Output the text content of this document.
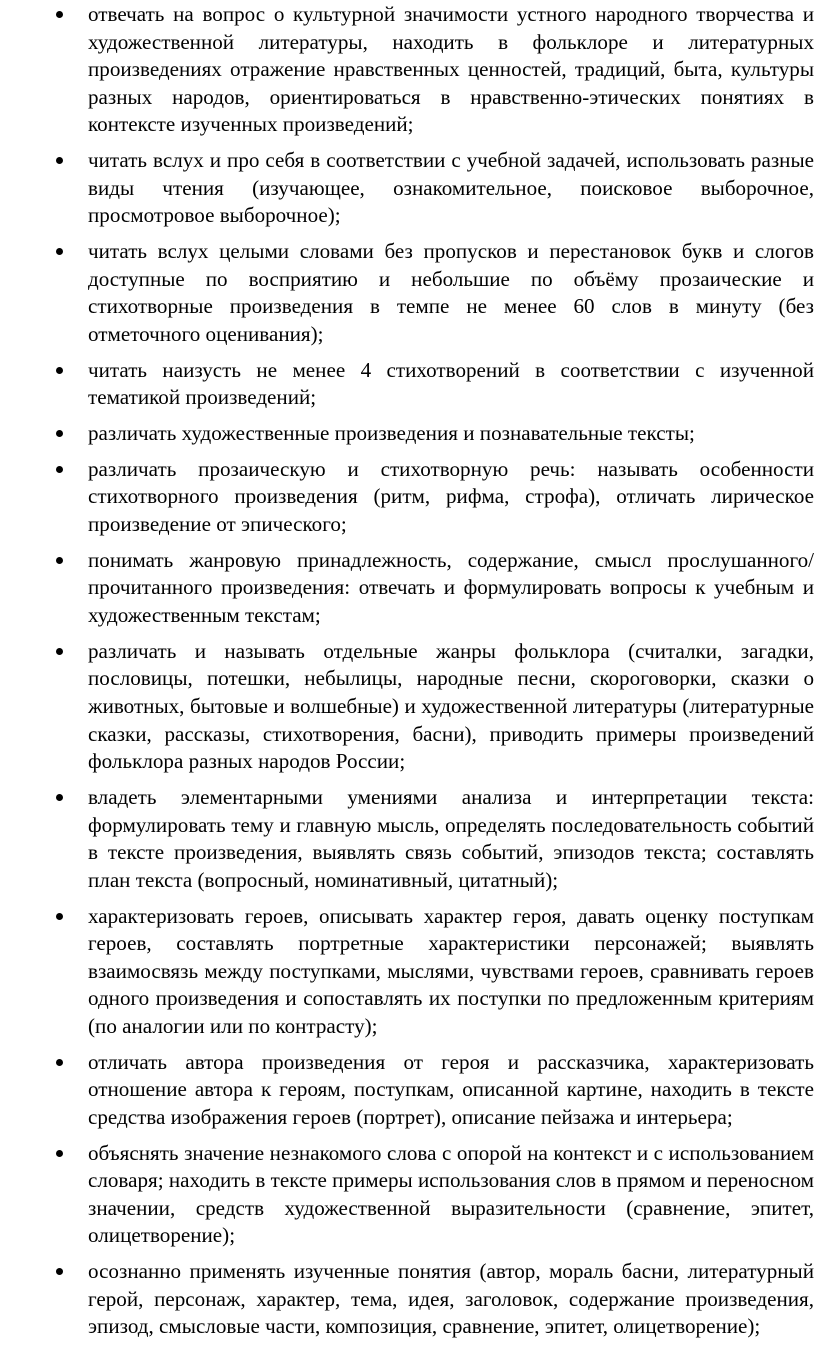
отвечать на вопрос о культурной значимости устного народного творчества и художественной литературы, находить в фольклоре и литературных произведениях отражение нравственных ценностей, традиций, быта, культуры разных народов, ориентироваться в нравственно-этических понятиях в контексте изученных произведений;
читать вслух и про себя в соответствии с учебной задачей, использовать разные виды чтения (изучающее, ознакомительное, поисковое выборочное, просмотровое выборочное);
читать вслух целыми словами без пропусков и перестановок букв и слогов доступные по восприятию и небольшие по объёму прозаические и стихотворные произведения в темпе не менее 60 слов в минуту (без отметочного оценивания);
читать наизусть не менее 4 стихотворений в соответствии с изученной тематикой произведений;
различать художественные произведения и познавательные тексты;
различать прозаическую и стихотворную речь: называть особенности стихотворного произведения (ритм, рифма, строфа), отличать лирическое произведение от эпического;
понимать жанровую принадлежность, содержание, смысл прослушанного/прочитанного произведения: отвечать и формулировать вопросы к учебным и художественным текстам;
различать и называть отдельные жанры фольклора (считалки, загадки, пословицы, потешки, небылицы, народные песни, скороговорки, сказки о животных, бытовые и волшебные) и художественной литературы (литературные сказки, рассказы, стихотворения, басни), приводить примеры произведений фольклора разных народов России;
владеть элементарными умениями анализа и интерпретации текста: формулировать тему и главную мысль, определять последовательность событий в тексте произведения, выявлять связь событий, эпизодов текста; составлять план текста (вопросный, номинативный, цитатный);
характеризовать героев, описывать характер героя, давать оценку поступкам героев, составлять портретные характеристики персонажей; выявлять взаимосвязь между поступками, мыслями, чувствами героев, сравнивать героев одного произведения и сопоставлять их поступки по предложенным критериям (по аналогии или по контрасту);
отличать автора произведения от героя и рассказчика, характеризовать отношение автора к героям, поступкам, описанной картине, находить в тексте средства изображения героев (портрет), описание пейзажа и интерьера;
объяснять значение незнакомого слова с опорой на контекст и с использованием словаря; находить в тексте примеры использования слов в прямом и переносном значении, средств художественной выразительности (сравнение, эпитет, олицетворение);
осознанно применять изученные понятия (автор, мораль басни, литературный герой, персонаж, характер, тема, идея, заголовок, содержание произведения, эпизод, смысловые части, композиция, сравнение, эпитет, олицетворение);
